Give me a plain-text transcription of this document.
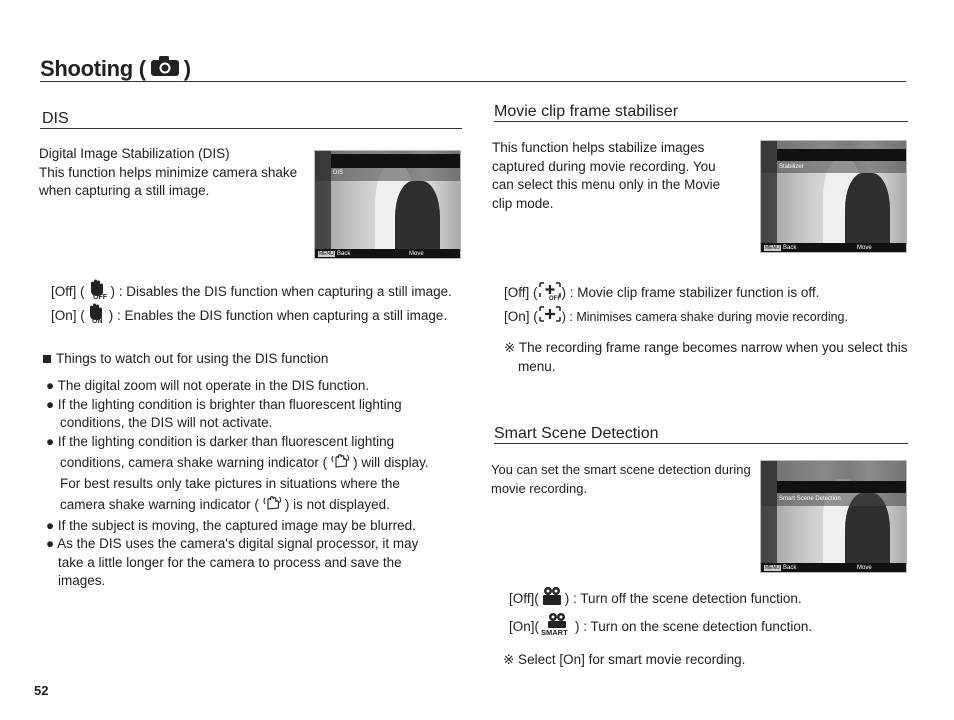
Shooting ( )
DIS
Digital Image Stabilization (DIS)
This function helps minimize camera shake
when capturing a still image.
DIS
MENU Back	Move
[Off] ( OFF ) : Disables the DIS function when capturing a still image.
[On] ( ON ) : Enables the DIS function when capturing a still image.
Things to watch out for using the DIS function
● The digital zoom will not operate in the DIS function.
● If the lighting condition is brighter than fluorescent lighting
conditions, the DIS will not activate.
● If the lighting condition is darker than fluorescent lighting
conditions, camera shake warning indicator ( ) will display.
For best results only take pictures in situations where the
camera shake warning indicator ( ) is not displayed.
● If the subject is moving, the captured image may be blurred.
● As the DIS uses the camera's digital signal processor, it may
take a little longer for the camera to process and save the
images.
Movie clip frame stabiliser
This function helps stabilize images
captured during movie recording. You
can select this menu only in the Movie
clip mode.
Stabilizer
MENU Back	Move
[Off] ( OFF ) : Movie clip frame stabilizer function is off.
[On] ( ) : Minimises camera shake during movie recording.
※ The recording frame range becomes narrow when you select this
menu.
Smart Scene Detection
You can set the smart scene detection during
movie recording.
Smart Scene Detection
MENU Back	Move
[Off]( ) : Turn off the scene detection function.
[On]( SMART ) : Turn on the scene detection function.
※ Select [On] for smart movie recording.
52
